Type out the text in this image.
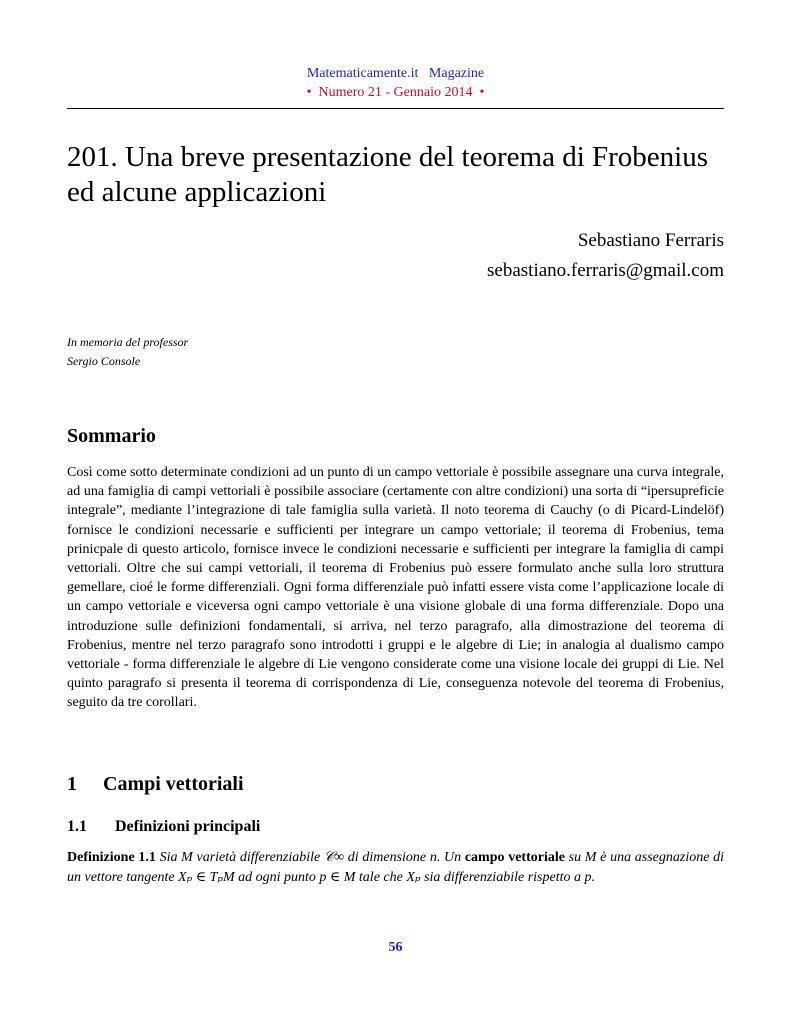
Matematicamente.it   Magazine
•  Numero 21 - Gennaio 2014  •
201. Una breve presentazione del teorema di Frobenius ed alcune applicazioni
Sebastiano Ferraris
sebastiano.ferraris@gmail.com
In memoria del professor
Sergio Console
Sommario

Così come sotto determinate condizioni ad un punto di un campo vettoriale è possibile assegnare una curva integrale, ad una famiglia di campi vettoriali è possibile associare (certamente con altre condizioni) una sorta di “ipersupreficie integrale”, mediante l’integrazione di tale famiglia sulla varietà. Il noto teorema di Cauchy (o di Picard-Lindelöf) fornisce le condizioni necessarie e sufficienti per integrare un campo vettoriale; il teorema di Frobenius, tema prinicpale di questo articolo, fornisce invece le condizioni necessarie e sufficienti per integrare la famiglia di campi vettoriali. Oltre che sui campi vettoriali, il teorema di Frobenius può essere formulato anche sulla loro struttura gemellare, cioé le forme differenziali. Ogni forma differenziale può infatti essere vista come l’applicazione locale di un campo vettoriale e viceversa ogni campo vettoriale è una visione globale di una forma differenziale. Dopo una introduzione sulle definizioni fondamentali, si arriva, nel terzo paragrafo, alla dimostrazione del teorema di Frobenius, mentre nel terzo paragrafo sono introdotti i gruppi e le algebre di Lie; in analogia al dualismo campo vettoriale - forma differenziale le algebre di Lie vengono considerate come una visione locale dei gruppi di Lie. Nel quinto paragrafo si presenta il teorema di corrispondenza di Lie, conseguenza notevole del teorema di Frobenius, seguito da tre corollari.

1 Campi vettoriali
1.1 Definizioni principali

Definizione 1.1 Sia M varietà differenziabile 𝒞∞ di dimensione n. Un campo vettoriale su M è una assegnazione di un vettore tangente Xₚ ∈ TₚM ad ogni punto p ∈ M tale che Xₚ sia differenziabile rispetto a p.

56
